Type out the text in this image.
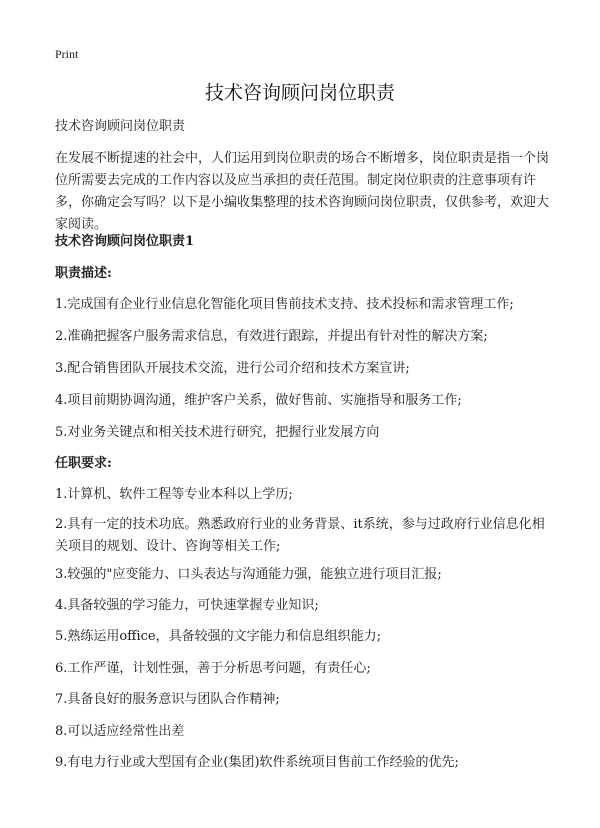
Print
技术咨询顾问岗位职责
技术咨询顾问岗位职责
在发展不断提速的社会中，人们运用到岗位职责的场合不断增多，岗位职责是指一个岗位所需要去完成的工作内容以及应当承担的责任范围。制定岗位职责的注意事项有许多，你确定会写吗？以下是小编收集整理的技术咨询顾问岗位职责，仅供参考，欢迎大家阅读。
技术咨询顾问岗位职责1
职责描述:
1.完成国有企业行业信息化智能化项目售前技术支持、技术投标和需求管理工作;
2.准确把握客户服务需求信息，有效进行跟踪，并提出有针对性的解决方案;
3.配合销售团队开展技术交流，进行公司介绍和技术方案宣讲;
4.项目前期协调沟通，维护客户关系，做好售前、实施指导和服务工作;
5.对业务关键点和相关技术进行研究，把握行业发展方向
任职要求:
1.计算机、软件工程等专业本科以上学历;
2.具有一定的技术功底。熟悉政府行业的业务背景、it系统，参与过政府行业信息化相关项目的规划、设计、咨询等相关工作;
3.较强的"应变能力、口头表达与沟通能力强，能独立进行项目汇报;
4.具备较强的学习能力，可快速掌握专业知识;
5.熟练运用office，具备较强的文字能力和信息组织能力;
6.工作严谨，计划性强，善于分析思考问题，有责任心;
7.具备良好的服务意识与团队合作精神;
8.可以适应经常性出差
9.有电力行业或大型国有企业(集团)软件系统项目售前工作经验的优先;
